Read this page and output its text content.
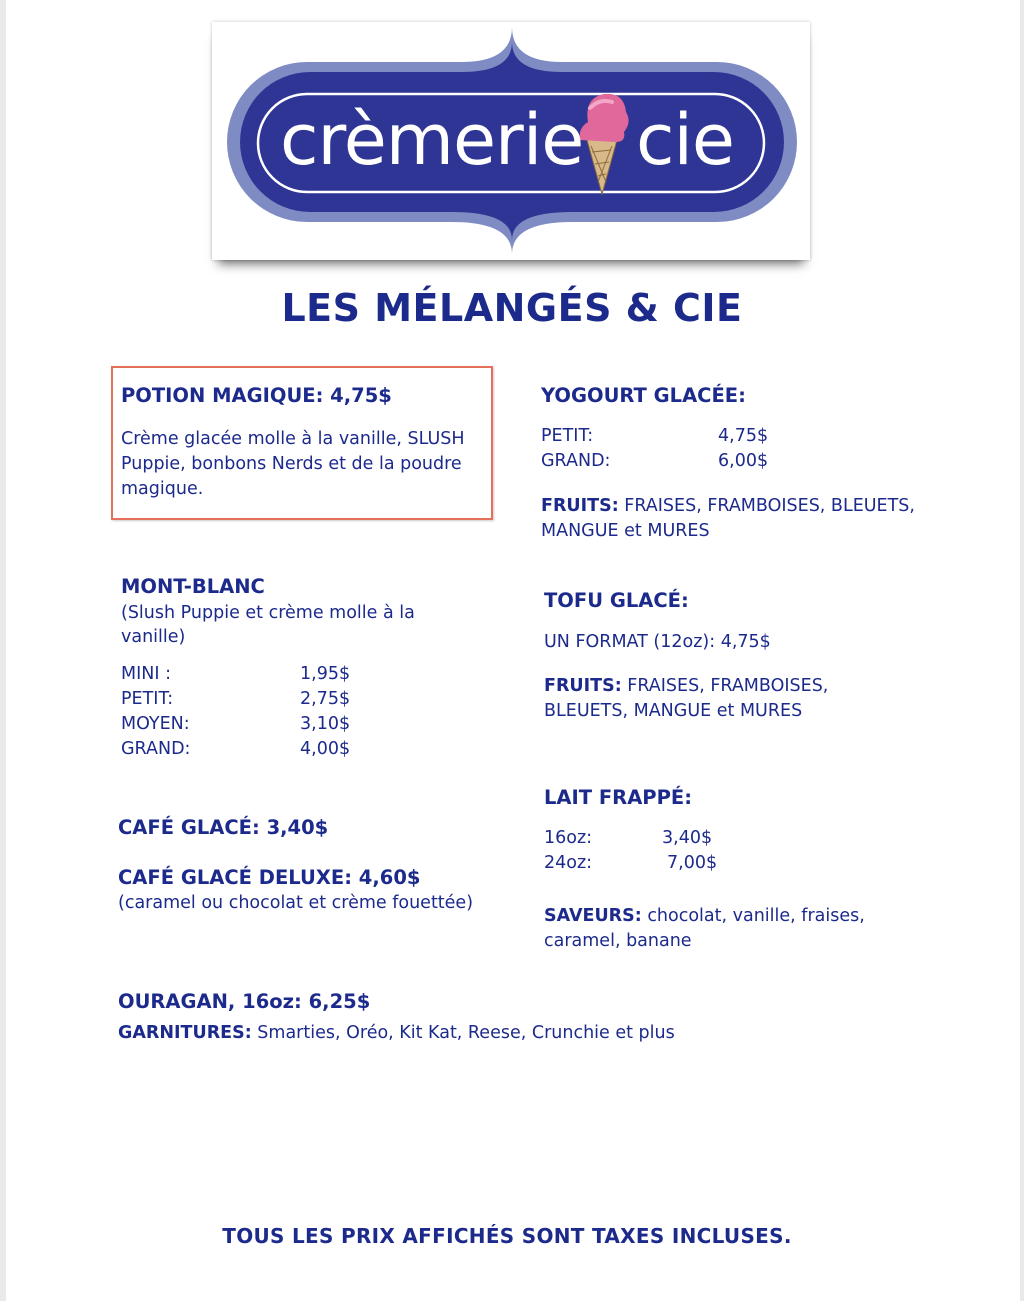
crèmerie cie
LES MÉLANGÉS & CIE
POTION MAGIQUE: 4,75$
Crème glacée molle à la vanille, SLUSH
Puppie, bonbons Nerds et de la poudre
magique.
MONT-BLANC
(Slush Puppie et crème molle à la
vanille)
MINI :	1,95$
PETIT:	2,75$
MOYEN:	3,10$
GRAND:	4,00$
CAFÉ GLACÉ: 3,40$
CAFÉ GLACÉ DELUXE: 4,60$
(caramel ou chocolat et crème fouettée)
OURAGAN, 16oz: 6,25$
GARNITURES: Smarties, Oréo, Kit Kat, Reese, Crunchie et plus
YOGOURT GLACÉE:
PETIT:	4,75$
GRAND:	6,00$
FRUITS: FRAISES, FRAMBOISES, BLEUETS,
MANGUE et MURES
TOFU GLACÉ:
UN FORMAT (12oz): 4,75$
FRUITS: FRAISES, FRAMBOISES,
BLEUETS, MANGUE et MURES
LAIT FRAPPÉ:
16oz:	3,40$
24oz:	7,00$
SAVEURS: chocolat, vanille, fraises,
caramel, banane
TOUS LES PRIX AFFICHÉS SONT TAXES INCLUSES.
